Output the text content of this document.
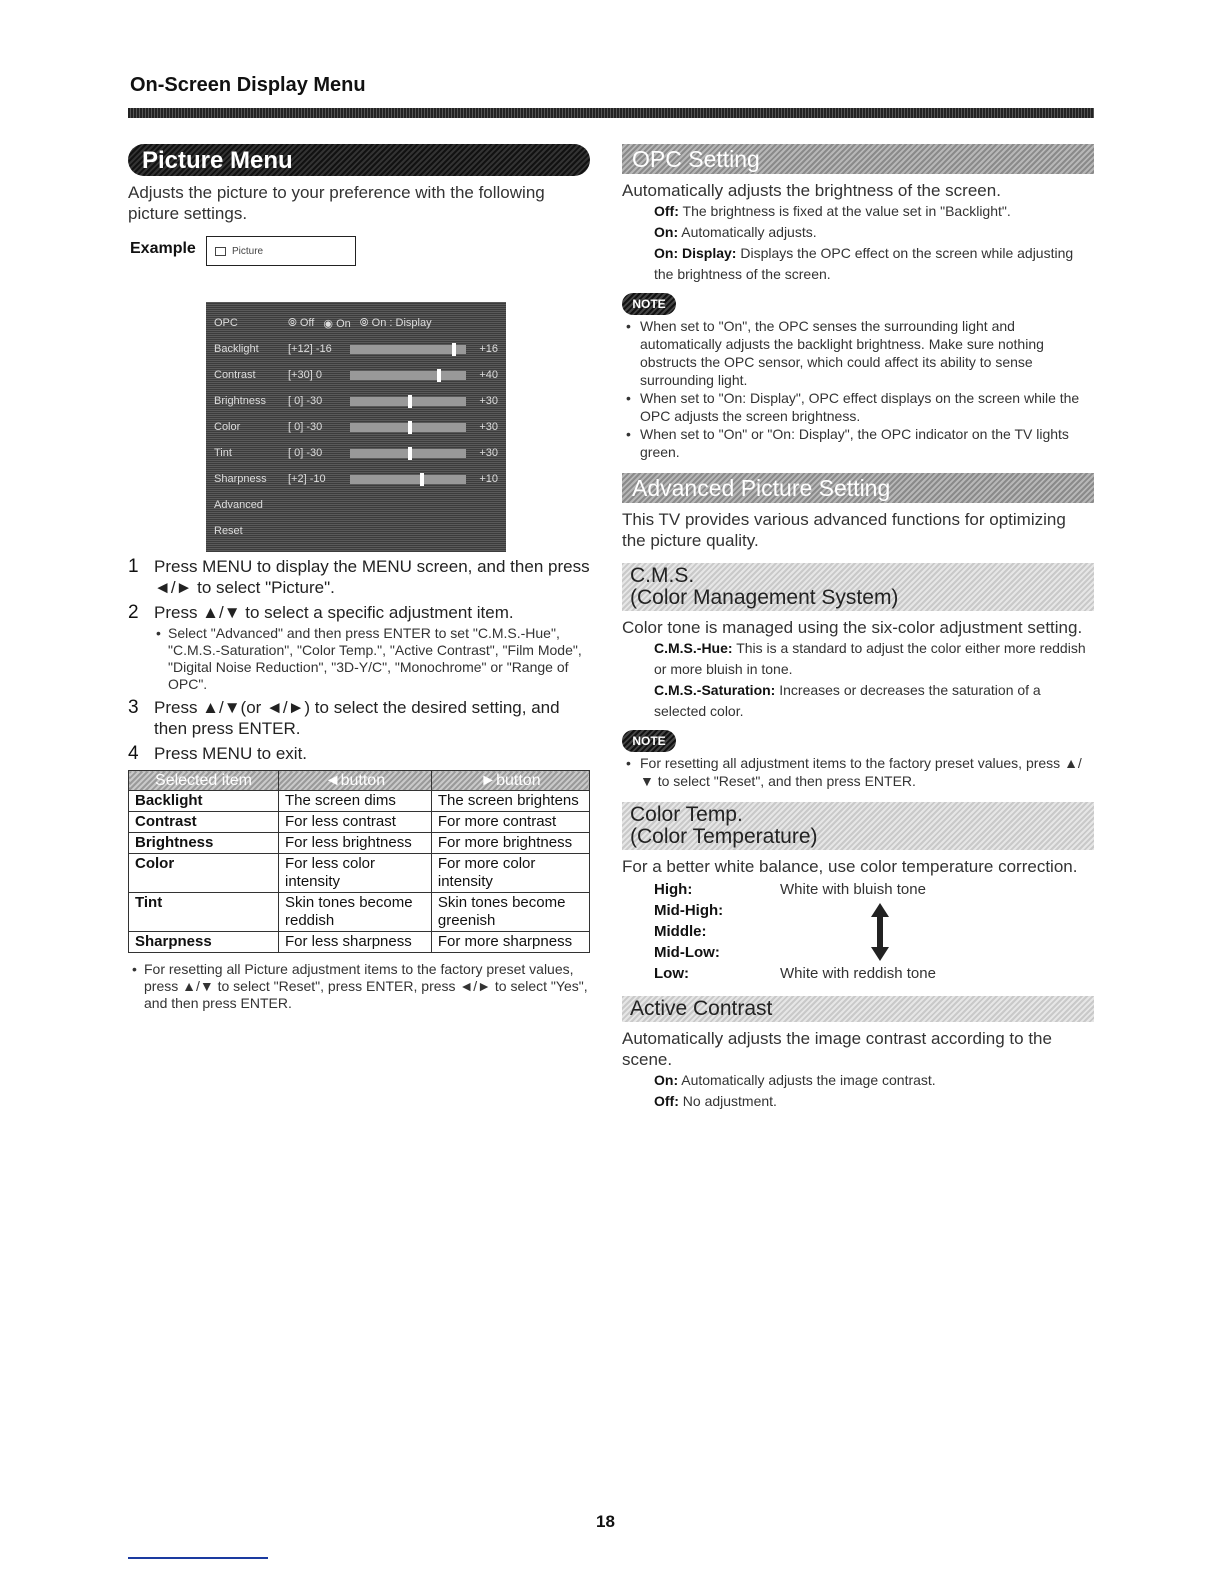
On-Screen Display Menu
Picture Menu

Adjusts the picture to your preference with the following picture settings.

Example	Picture
OPC	⦾ Off ◉ On ⦾ On : Display
Backlight	[+12] -16	+16
Contrast	[+30] 0	+40
Brightness	[ 0] -30	+30
Color	[ 0] -30	+30
Tint	[ 0] -30	+30
Sharpness	[+2] -10	+10
Advanced
Reset
1 Press MENU to display the MENU screen, and then press ◄/► to select "Picture".
2 Press ▲/▼ to select a specific adjustment item.
• Select "Advanced" and then press ENTER to set "C.M.S.-Hue", "C.M.S.-Saturation", "Color Temp.", "Active Contrast", "Film Mode", "Digital Noise Reduction", "3D-Y/C", "Monochrome" or "Range of OPC".
3 Press ▲/▼(or ◄/►) to select the desired setting, and then press ENTER.
4 Press MENU to exit.
Selected item	◄button	►button
Backlight	The screen dims	The screen brightens
Contrast	For less contrast	For more contrast
Brightness	For less brightness	For more brightness
Color	For less color intensity	For more color intensity
Tint	Skin tones become reddish	Skin tones become greenish
Sharpness	For less sharpness	For more sharpness

• For resetting all Picture adjustment items to the factory preset values, press ▲/▼ to select "Reset", press ENTER, press ◄/► to select "Yes", and then press ENTER.

OPC Setting

Automatically adjusts the brightness of the screen.

Off: The brightness is fixed at the value set in "Backlight".
On: Automatically adjusts.
On: Display: Displays the OPC effect on the screen while adjusting the brightness of the screen.
NOTE

• When set to "On", the OPC senses the surrounding light and automatically adjusts the backlight brightness. Make sure nothing obstructs the OPC sensor, which could affect its ability to sense surrounding light.

• When set to "On: Display", OPC effect displays on the screen while the OPC adjusts the screen brightness.

• When set to "On" or "On: Display", the OPC indicator on the TV lights green.

Advanced Picture Setting

This TV provides various advanced functions for optimizing the picture quality.

C.M.S.
(Color Management System)

Color tone is managed using the six-color adjustment setting.

C.M.S.-Hue: This is a standard to adjust the color either more reddish or more bluish in tone.
C.M.S.-Saturation: Increases or decreases the saturation of a selected color.
NOTE

• For resetting all adjustment items to the factory preset values, press ▲/▼ to select "Reset", and then press ENTER.

Color Temp.
(Color Temperature)

For a better white balance, use color temperature correction.

High:	White with bluish tone
Mid-High:
Middle:
Mid-Low:
Low:	White with reddish tone
Active Contrast

Automatically adjusts the image contrast according to the scene.

On: Automatically adjusts the image contrast.
Off: No adjustment.
18
